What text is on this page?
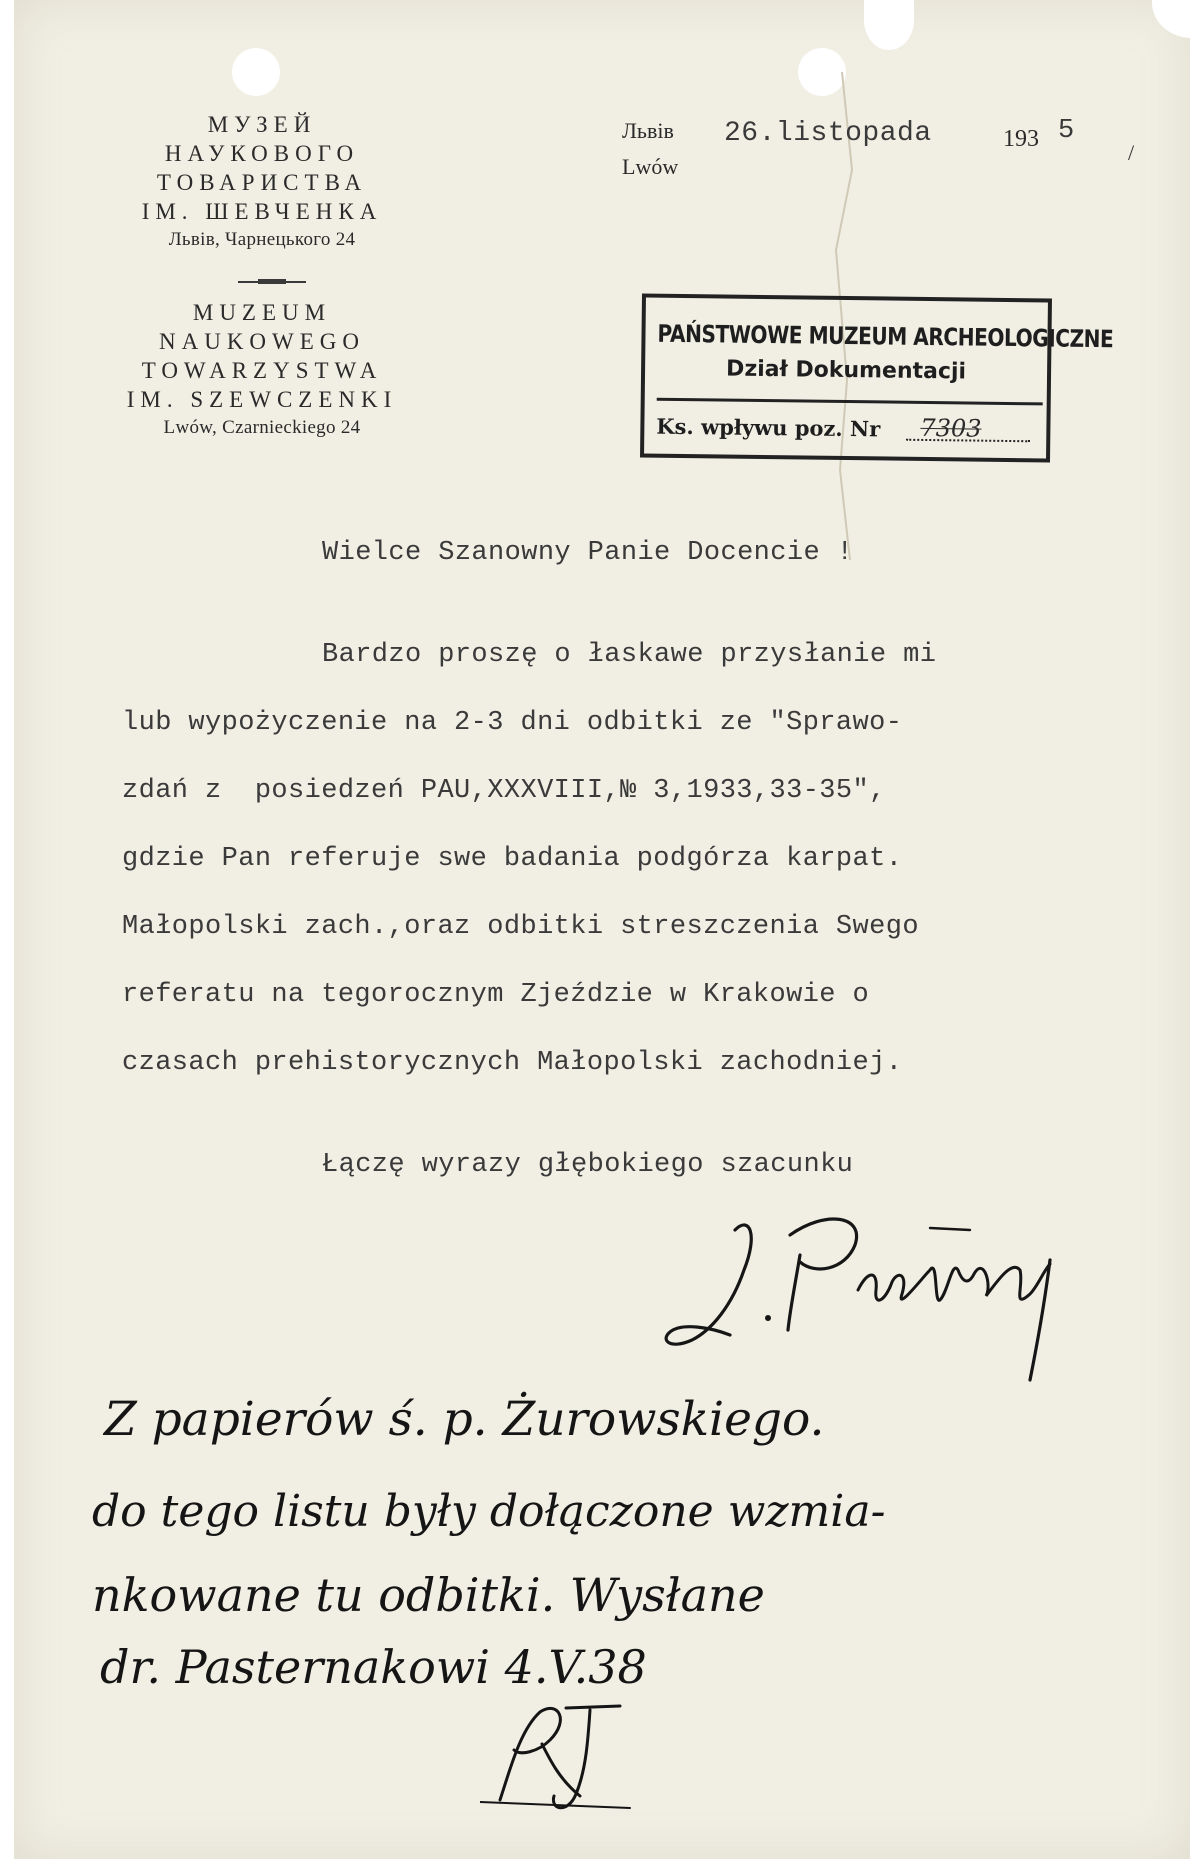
МУЗЕЙ
НАУКОВОГО
ТОВАРИСТВА
ІМ. ШЕВЧЕНКА
Львів, Чарнецького 24
MUZEUM
NAUKOWEGO
TOWARZYSTWA
IM. SZEWCZENKI
Lwów, Czarnieckiego 24
Львів
Lwów
26.listopada	193 5
/
PAŃSTWOWE MUZEUM ARCHEOLOGICZNE
Dział Dokumentacji
Ks. wpływu poz. Nr 7303
Wielce Szanowny Panie Docencie !
Bardzo proszę o łaskawe przysłanie mi
lub wypożyczenie na 2-3 dni odbitki ze "Sprawo-
zdań z  posiedzeń PAU,XXXVIII,№ 3,1933,33-35",
gdzie Pan referuje swe badania podgórza karpat.
Małopolski zach.,oraz odbitki streszczenia Swego
referatu na tegorocznym Zjeździe w Krakowie o
czasach prehistorycznych Małopolski zachodniej.
Łączę wyrazy głębokiego szacunku
Z papierów ś. p. Żurowskiego.
do tego listu były dołączone wzmia-
nkowane tu odbitki. Wysłane
dr. Pasternakowi 4.V.38
